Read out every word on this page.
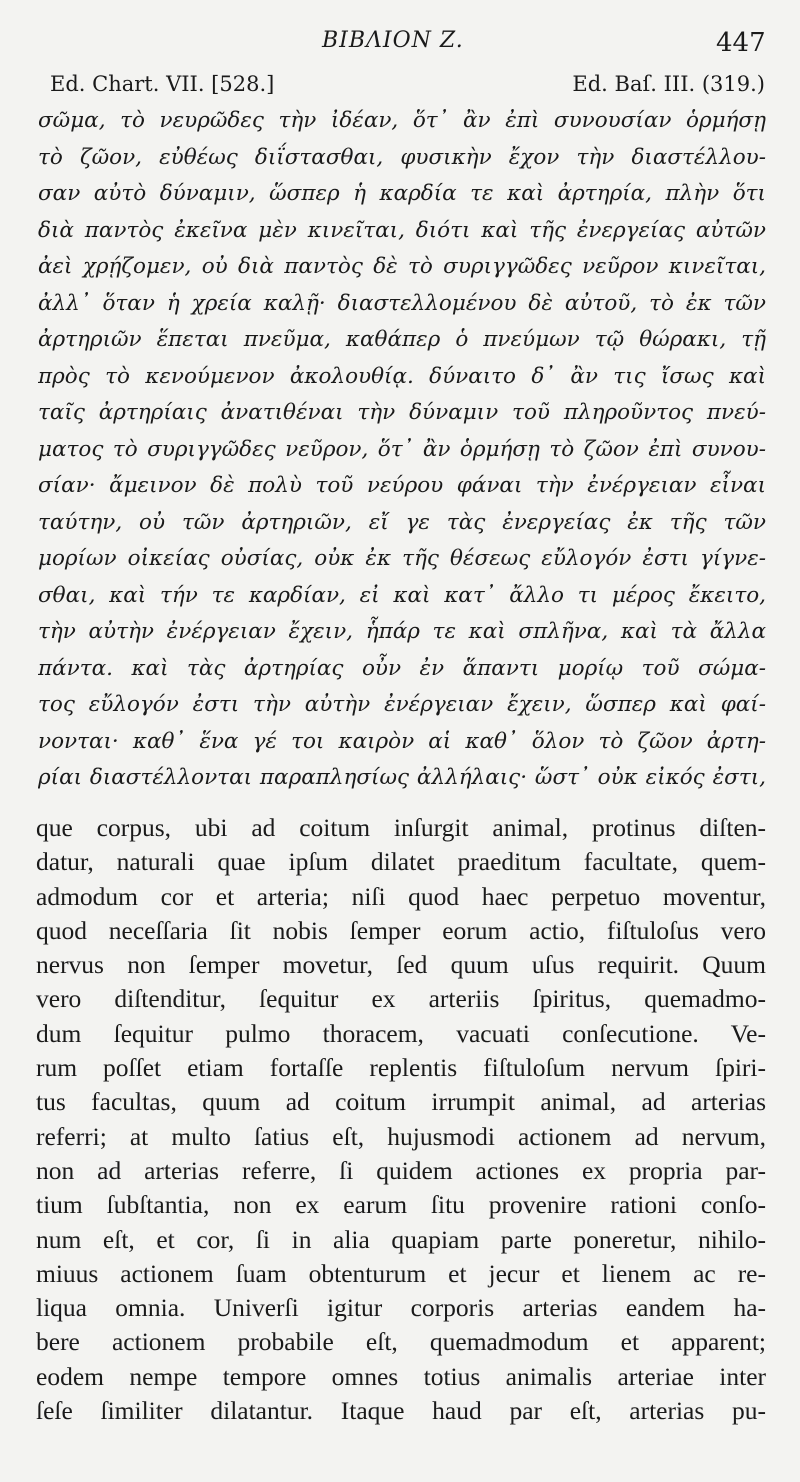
BIBΛION Z.	447
Ed. Chart. VII. [528.]	Ed. Baſ. III. (319.)
σῶμα, τὸ νευρῶδες τὴν ἰδέαν, ὅτ᾽ ἂν ἐπὶ συνουσίαν ὁρμήσῃ
τὸ ζῶον, εὐθέως διΐστασθαι, φυσικὴν ἔχον τὴν διαστέλλου-
σαν αὐτὸ δύναμιν, ὥσπερ ἡ καρδία τε καὶ ἀρτηρία, πλὴν ὅτι
διὰ παντὸς ἐκεῖνα μὲν κινεῖται, διότι καὶ τῆς ἐνεργείας αὐτῶν
ἀεὶ χρῄζομεν, οὐ διὰ παντὸς δὲ τὸ συριγγῶδες νεῦρον κινεῖται,
ἀλλ᾽ ὅταν ἡ χρεία καλῇ· διαστελλομένου δὲ αὐτοῦ, τὸ ἐκ τῶν
ἀρτηριῶν ἕπεται πνεῦμα, καθάπερ ὁ πνεύμων τῷ θώρακι, τῇ
πρὸς τὸ κενούμενον ἀκολουθίᾳ. δύναιτο δ᾽ ἂν τις ἴσως καὶ
ταῖς ἀρτηρίαις ἀνατιθέναι τὴν δύναμιν τοῦ πληροῦντος πνεύ-
ματος τὸ συριγγῶδες νεῦρον, ὅτ᾽ ἂν ὁρμήσῃ τὸ ζῶον ἐπὶ συνου-
σίαν· ἄμεινον δὲ πολὺ τοῦ νεύρου φάναι τὴν ἐνέργειαν εἶναι
ταύτην, οὐ τῶν ἀρτηριῶν, εἴ γε τὰς ἐνεργείας ἐκ τῆς τῶν
μορίων οἰκείας οὐσίας, οὐκ ἐκ τῆς θέσεως εὔλογόν ἐστι γίγνε-
σθαι, καὶ τήν τε καρδίαν, εἰ καὶ κατ᾽ ἄλλο τι μέρος ἔκειτο,
τὴν αὐτὴν ἐνέργειαν ἔχειν, ἧπάρ τε καὶ σπλῆνα, καὶ τὰ ἄλλα
πάντα. καὶ τὰς ἀρτηρίας οὖν ἐν ἅπαντι μορίῳ τοῦ σώμα-
τος εὔλογόν ἐστι τὴν αὐτὴν ἐνέργειαν ἔχειν, ὥσπερ καὶ φαί-
νονται· καθ᾽ ἕνα γέ τοι καιρὸν αἱ καθ᾽ ὅλον τὸ ζῶον ἀρτη-
ρίαι διαστέλλονται παραπλησίως ἀλλήλαις· ὥστ᾽ οὐκ εἰκός ἐστι,
que corpus, ubi ad coitum inſurgit animal, protinus diſten-
datur, naturali quae ipſum dilatet praeditum facultate, quem-
admodum cor et arteria; niſi quod haec perpetuo moventur,
quod neceſſaria ſit nobis ſemper eorum actio, fiſtuloſus vero
nervus non ſemper movetur, ſed quum uſus requirit. Quum
vero diſtenditur, ſequitur ex arteriis ſpiritus, quemadmo-
dum ſequitur pulmo thoracem, vacuati conſecutione. Ve-
rum poſſet etiam fortaſſe replentis fiſtuloſum nervum ſpiri-
tus facultas, quum ad coitum irrumpit animal, ad arterias
referri; at multo ſatius eſt, hujusmodi actionem ad nervum,
non ad arterias referre, ſi quidem actiones ex propria par-
tium ſubſtantia, non ex earum ſitu provenire rationi conſo-
num eſt, et cor, ſi in alia quapiam parte poneretur, nihilo-
miuus actionem ſuam obtenturum et jecur et lienem ac re-
liqua omnia. Univerſi igitur corporis arterias eandem ha-
bere actionem probabile eſt, quemadmodum et apparent;
eodem nempe tempore omnes totius animalis arteriae inter
ſeſe ſimiliter dilatantur. Itaque haud par eſt, arterias pu-
